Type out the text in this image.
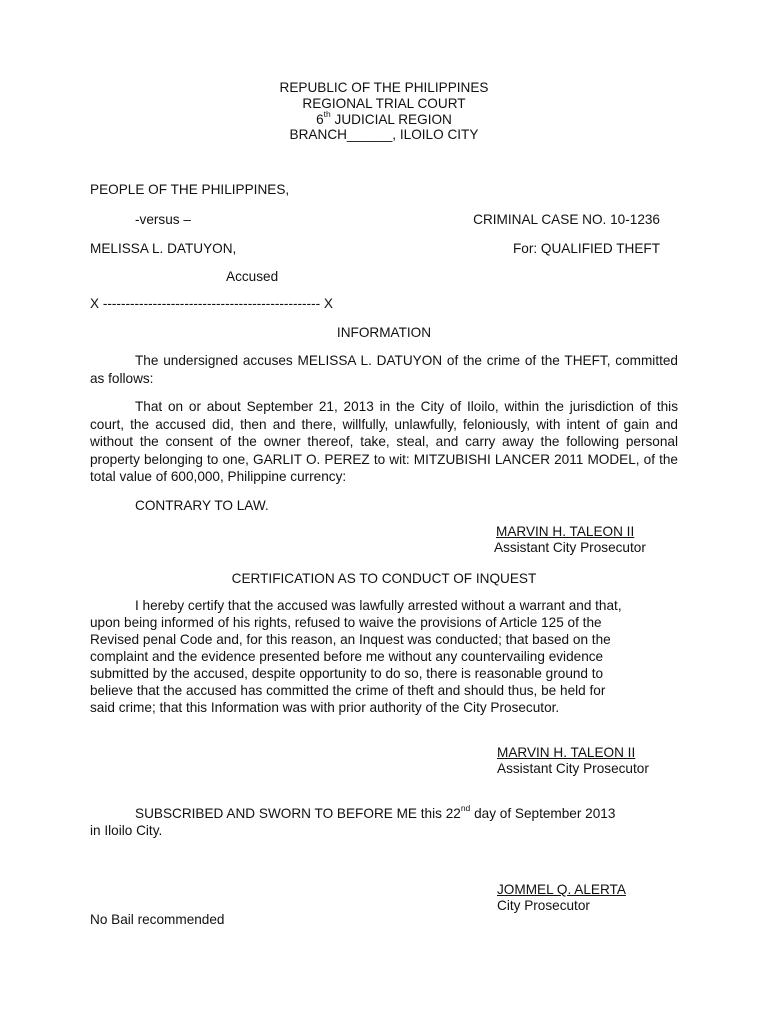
REPUBLIC OF THE PHILIPPINES
REGIONAL TRIAL COURT
6th JUDICIAL REGION
BRANCH______, ILOILO CITY
PEOPLE OF THE PHILIPPINES,
-versus –	CRIMINAL CASE NO. 10-1236
MELISSA L. DATUYON,	For: QUALIFIED THEFT
Accused
X ------------------------------------------------ X
INFORMATION
The undersigned accuses MELISSA L. DATUYON of the crime of the THEFT, committed as follows:
That on or about September 21, 2013 in the City of Iloilo, within the jurisdiction of this court, the accused did, then and there, willfully, unlawfully, feloniously, with intent of gain and without the consent of the owner thereof, take, steal, and carry away the following personal property belonging to one, GARLIT O. PEREZ to wit: MITZUBISHI LANCER 2011 MODEL, of the total value of 600,000, Philippine currency:
CONTRARY TO LAW.
MARVIN H. TALEON II
Assistant City Prosecutor
CERTIFICATION AS TO CONDUCT OF INQUEST
I hereby certify that the accused was lawfully arrested without a warrant and that,
upon being informed of his rights, refused to waive the provisions of Article 125 of the
Revised penal Code and, for this reason, an Inquest was conducted; that based on the
complaint and the evidence presented before me without any countervailing evidence
submitted by the accused, despite opportunity to do so, there is reasonable ground to
believe that the accused has committed the crime of theft and should thus, be held for
said crime; that this Information was with prior authority of the City Prosecutor.
MARVIN H. TALEON II
Assistant City Prosecutor
SUBSCRIBED AND SWORN TO BEFORE ME this 22nd day of September 2013
in Iloilo City.
JOMMEL Q. ALERTA
City Prosecutor
No Bail recommended
